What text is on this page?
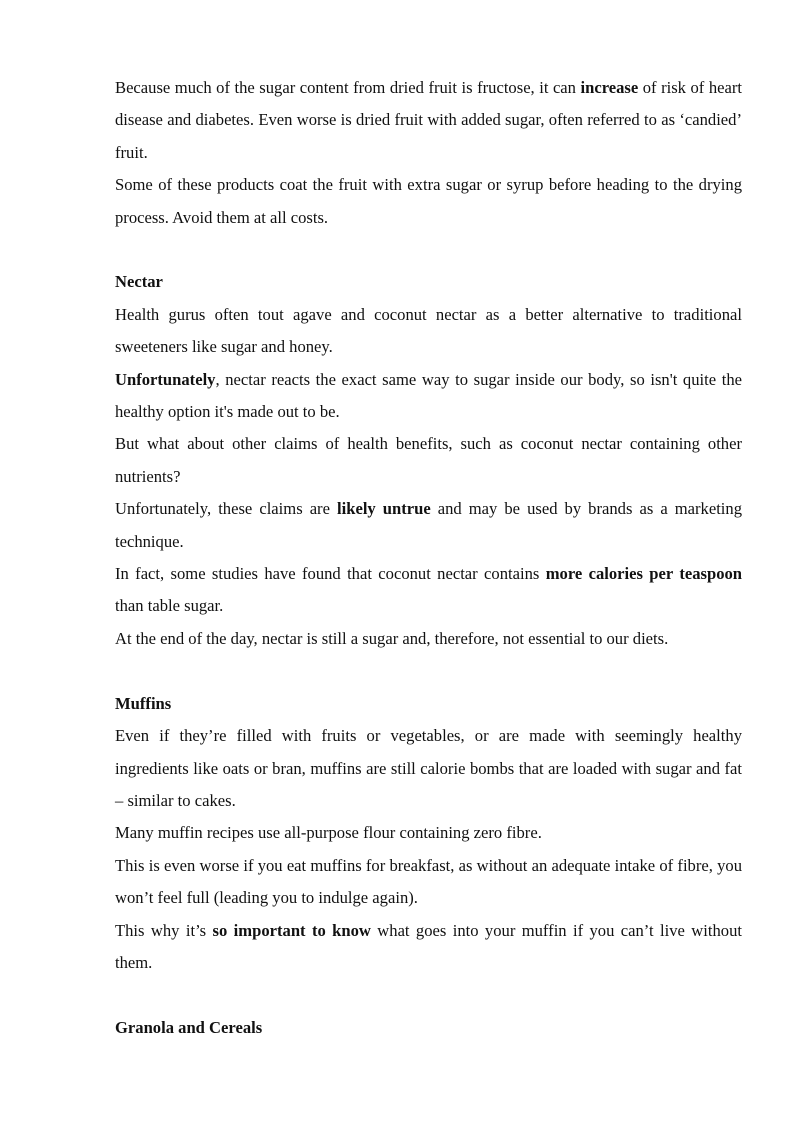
Because much of the sugar content from dried fruit is fructose, it can increase of risk of heart disease and diabetes. Even worse is dried fruit with added sugar, often referred to as ‘candied’ fruit.

Some of these products coat the fruit with extra sugar or syrup before heading to the drying process. Avoid them at all costs.

Nectar

Health gurus often tout agave and coconut nectar as a better alternative to traditional sweeteners like sugar and honey.

Unfortunately, nectar reacts the exact same way to sugar inside our body, so isn't quite the healthy option it's made out to be.

But what about other claims of health benefits, such as coconut nectar containing other nutrients?

Unfortunately, these claims are likely untrue and may be used by brands as a marketing technique.

In fact, some studies have found that coconut nectar contains more calories per teaspoon than table sugar.

At the end of the day, nectar is still a sugar and, therefore, not essential to our diets.

Muffins

Even if they’re filled with fruits or vegetables, or are made with seemingly healthy ingredients like oats or bran, muffins are still calorie bombs that are loaded with sugar and fat – similar to cakes.

Many muffin recipes use all-purpose flour containing zero fibre.

This is even worse if you eat muffins for breakfast, as without an adequate intake of fibre, you won’t feel full (leading you to indulge again).

This why it’s so important to know what goes into your muffin if you can’t live without them.

Granola and Cereals
